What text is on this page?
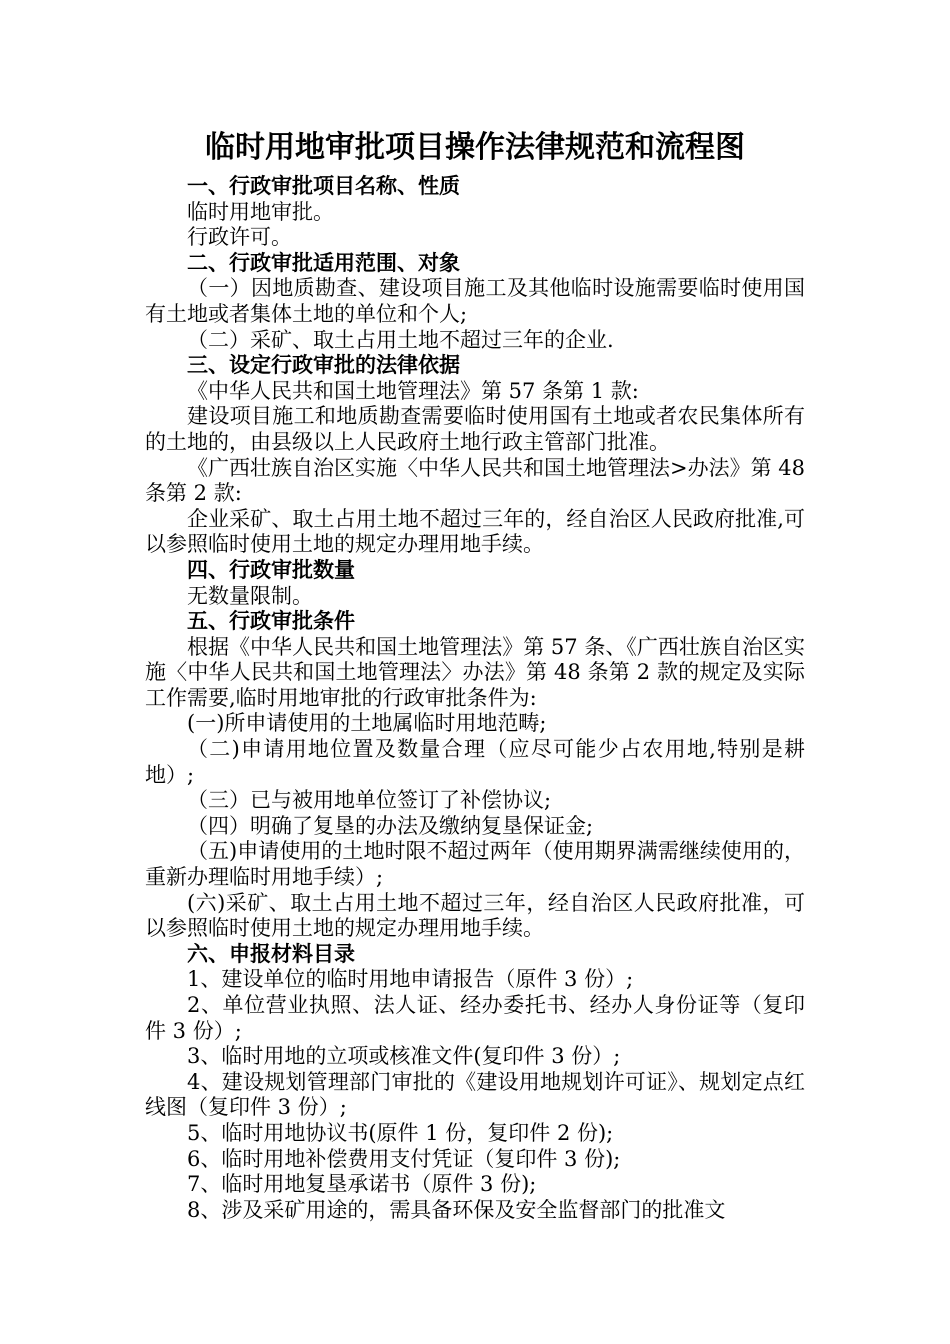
临时用地审批项目操作法律规范和流程图

一、行政审批项目名称、性质

临时用地审批。

行政许可。

二、行政审批适用范围、对象

（一）因地质勘查、建设项目施工及其他临时设施需要临时使用国有土地或者集体土地的单位和个人;

（二）采矿、取土占用土地不超过三年的企业.

三、设定行政审批的法律依据

《中华人民共和国土地管理法》第 57 条第 1 款:

建设项目施工和地质勘查需要临时使用国有土地或者农民集体所有的土地的，由县级以上人民政府土地行政主管部门批准。

《广西壮族自治区实施〈中华人民共和国土地管理法>办法》第 48 条第 2 款:

企业采矿、取土占用土地不超过三年的，经自治区人民政府批准,可以参照临时使用土地的规定办理用地手续。

四、行政审批数量

无数量限制。

五、行政审批条件

根据《中华人民共和国土地管理法》第 57 条、《广西壮族自治区实施〈中华人民共和国土地管理法〉办法》第 48 条第 2 款的规定及实际工作需要,临时用地审批的行政审批条件为:

(一)所申请使用的土地属临时用地范畴;

（二)申请用地位置及数量合理（应尽可能少占农用地,特别是耕地）;

（三）已与被用地单位签订了补偿协议;

（四）明确了复垦的办法及缴纳复垦保证金;

（五)申请使用的土地时限不超过两年（使用期界满需继续使用的，重新办理临时用地手续）;

(六)采矿、取土占用土地不超过三年，经自治区人民政府批准，可以参照临时使用土地的规定办理用地手续。

六、申报材料目录

1、建设单位的临时用地申请报告（原件 3 份）;

2、单位营业执照、法人证、经办委托书、经办人身份证等（复印件 3 份）;

3、临时用地的立项或核准文件(复印件 3 份）;

4、建设规划管理部门审批的《建设用地规划许可证》、规划定点红线图（复印件 3 份）;

5、临时用地协议书(原件 1 份，复印件 2 份);

6、临时用地补偿费用支付凭证（复印件 3 份);

7、临时用地复垦承诺书（原件 3 份);

8、涉及采矿用途的，需具备环保及安全监督部门的批准文
